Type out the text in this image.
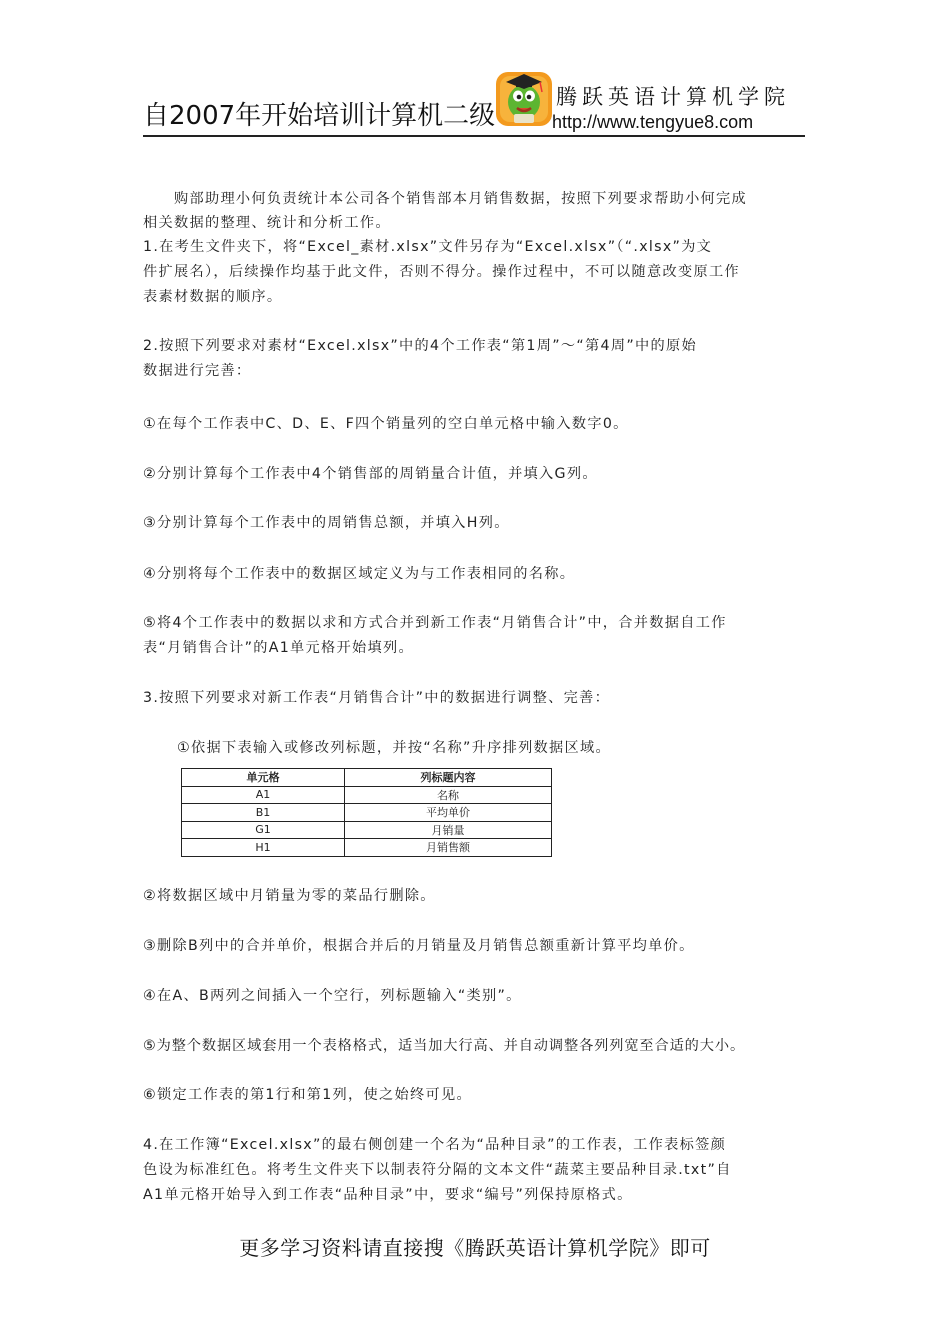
自2007年开始培训计算机二级
腾跃英语计算机学院
http://www.tengyue8.com
　　购部助理小何负责统计本公司各个销售部本月销售数据，按照下列要求帮助小何完成
相关数据的整理、统计和分析工作。
1.在考生文件夹下，将“Excel_素材.xlsx”文件另存为“Excel.xlsx”（“.xlsx”为文
件扩展名），后续操作均基于此文件，否则不得分。操作过程中，不可以随意改变原工作
表素材数据的顺序。
2.按照下列要求对素材“Excel.xlsx”中的4个工作表“第1周”～“第4周”中的原始
数据进行完善：
①在每个工作表中C、D、E、F四个销量列的空白单元格中输入数字0。
②分别计算每个工作表中4个销售部的周销量合计值，并填入G列。
③分别计算每个工作表中的周销售总额，并填入H列。
④分别将每个工作表中的数据区域定义为与工作表相同的名称。
⑤将4个工作表中的数据以求和方式合并到新工作表“月销售合计”中，合并数据自工作
表“月销售合计”的A1单元格开始填列。
3.按照下列要求对新工作表“月销售合计”中的数据进行调整、完善：
①依据下表输入或修改列标题，并按“名称”升序排列数据区域。
②将数据区域中月销量为零的菜品行删除。
③删除B列中的合并单价，根据合并后的月销量及月销售总额重新计算平均单价。
④在A、B两列之间插入一个空行，列标题输入“类别”。
⑤为整个数据区域套用一个表格格式，适当加大行高、并自动调整各列列宽至合适的大小。
⑥锁定工作表的第1行和第1列，使之始终可见。
4.在工作簿“Excel.xlsx”的最右侧创建一个名为“品种目录”的工作表，工作表标签颜
色设为标准红色。将考生文件夹下以制表符分隔的文本文件“蔬菜主要品种目录.txt”自
A1单元格开始导入到工作表“品种目录”中，要求“编号”列保持原格式。
单元格	列标题内容
A1	名称
B1	平均单价
G1	月销量
H1	月销售额
更多学习资料请直接搜《腾跃英语计算机学院》即可
